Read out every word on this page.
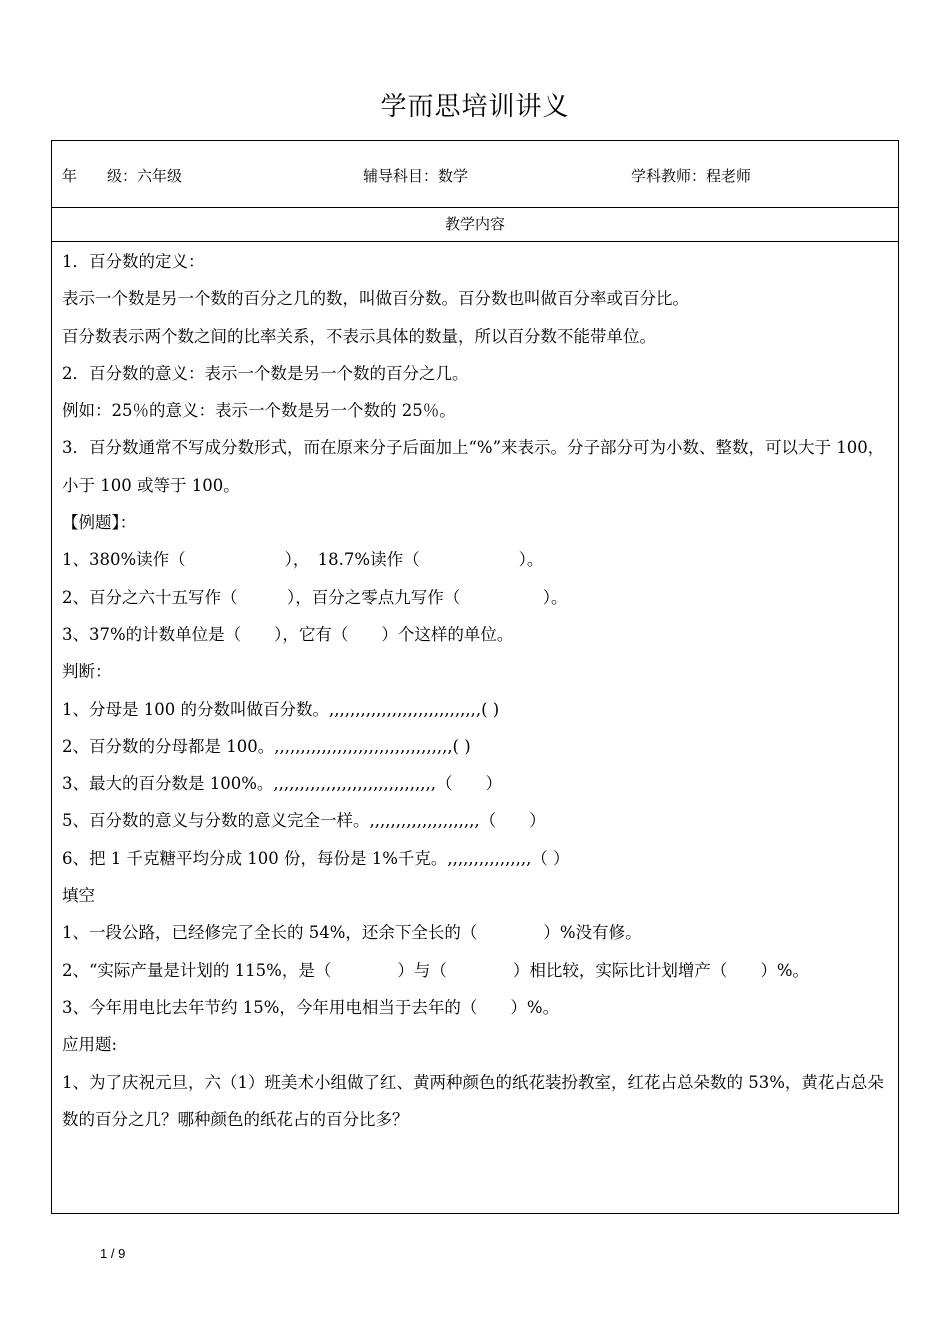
学而思培训讲义
年　　级：六年级	辅导科目：数学	学科教师：程老师
教学内容
1．百分数的定义：
表示一个数是另一个数的百分之几的数，叫做百分数。百分数也叫做百分率或百分比。
百分数表示两个数之间的比率关系，不表示具体的数量，所以百分数不能带单位。
2．百分数的意义：表示一个数是另一个数的百分之几。
例如：25％的意义：表示一个数是另一个数的 25％。
3．百分数通常不写成分数形式，而在原来分子后面加上“%”来表示。分子部分可为小数、整数，可以大于 100，小于 100 或等于 100。
【例题】：
1、380%读作（　　　　　　），　18.7%读作（　　　　　　）。
2、百分之六十五写作（　　　），百分之零点九写作（　　　　　）。
3、37%的计数单位是（　　），它有（　　）个这样的单位。
判断：
1、分母是 100 的分数叫做百分数。,,,,,,,,,,,,,,,,,,,,,,,,,,,,,( )
2、百分数的分母都是 100。,,,,,,,,,,,,,,,,,,,,,,,,,,,,,,,,,,( )
3、最大的百分数是 100%。,,,,,,,,,,,,,,,,,,,,,,,,,,,,,,,（　　）
5、百分数的意义与分数的意义完全一样。,,,,,,,,,,,,,,,,,,,,,（　　）
6、把 1 千克糖平均分成 100 份，每份是 1%千克。,,,,,,,,,,,,,,,,（ ）
填空
1、一段公路，已经修完了全长的 54%，还余下全长的（　　　　）%没有修。
2、“实际产量是计划的 115%，是（　　　　）与（　　　　）相比较，实际比计划增产（　　）%。
3、今年用电比去年节约 15%，今年用电相当于去年的（　　）%。
应用题:
1、为了庆祝元旦，六（1）班美术小组做了红、黄两种颜色的纸花装扮教室，红花占总朵数的 53%，黄花占总朵数的百分之几？哪种颜色的纸花占的百分比多？
1 / 9
